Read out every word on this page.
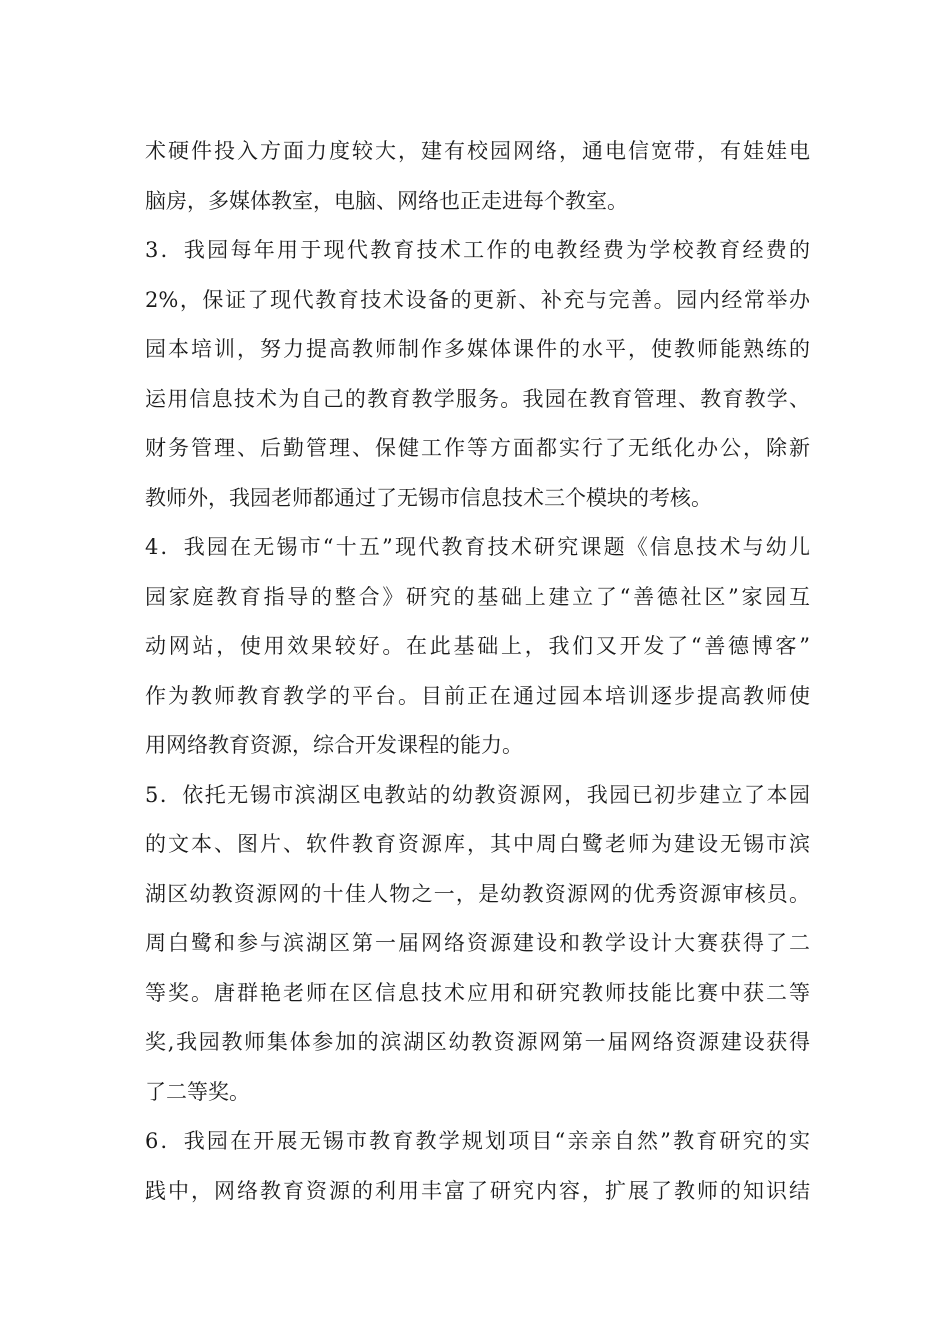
术硬件投入方面力度较大，建有校园网络，通电信宽带，有娃娃电
脑房，多媒体教室，电脑、网络也正走进每个教室。
3．我园每年用于现代教育技术工作的电教经费为学校教育经费的
2%，保证了现代教育技术设备的更新、补充与完善。园内经常举办
园本培训，努力提高教师制作多媒体课件的水平，使教师能熟练的
运用信息技术为自己的教育教学服务。我园在教育管理、教育教学、
财务管理、后勤管理、保健工作等方面都实行了无纸化办公，除新
教师外，我园老师都通过了无锡市信息技术三个模块的考核。
4．我园在无锡市“十五”现代教育技术研究课题《信息技术与幼儿
园家庭教育指导的整合》研究的基础上建立了“善德社区”家园互
动网站，使用效果较好。在此基础上，我们又开发了“善德博客”
作为教师教育教学的平台。目前正在通过园本培训逐步提高教师使
用网络教育资源，综合开发课程的能力。
5．依托无锡市滨湖区电教站的幼教资源网，我园已初步建立了本园
的文本、图片、软件教育资源库，其中周白鹭老师为建设无锡市滨
湖区幼教资源网的十佳人物之一，是幼教资源网的优秀资源审核员。
周白鹭和参与滨湖区第一届网络资源建设和教学设计大赛获得了二
等奖。唐群艳老师在区信息技术应用和研究教师技能比赛中获二等
奖,我园教师集体参加的滨湖区幼教资源网第一届网络资源建设获得
了二等奖。
6．我园在开展无锡市教育教学规划项目“亲亲自然”教育研究的实
践中，网络教育资源的利用丰富了研究内容，扩展了教师的知识结
